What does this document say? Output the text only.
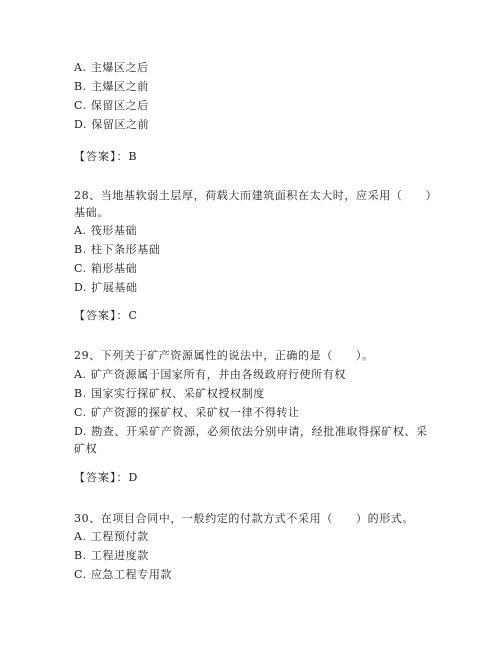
A. 主爆区之后

B. 主爆区之前

C. 保留区之后

D. 保留区之前

【答案】：B

28、当地基软弱土层厚，荷载大而建筑面积在太大时，应采用（　　）

基础。

A. 筏形基础

B. 柱下条形基础

C. 箱形基础

D. 扩展基础

【答案】：C

29、下列关于矿产资源属性的说法中，正确的是（　　）。

A. 矿产资源属于国家所有，并由各级政府行使所有权

B. 国家实行探矿权、采矿权授权制度

C. 矿产资源的探矿权、采矿权一律不得转让

D. 勘查、开采矿产资源，必须依法分别申请，经批准取得探矿权、采

矿权

【答案】：D

30、在项目合同中，一般约定的付款方式不采用（　　）的形式。

A. 工程预付款

B. 工程进度款

C. 应急工程专用款
